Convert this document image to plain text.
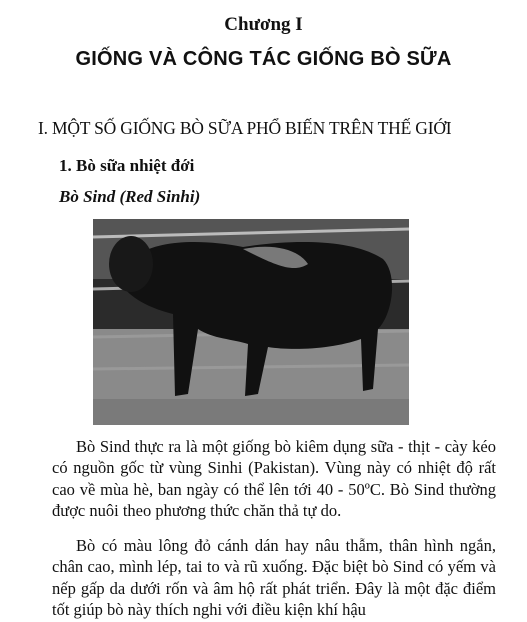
Chương I
GIỐNG VÀ CÔNG TÁC GIỐNG BÒ SỮA
I. MỘT SỐ GIỐNG BÒ SỮA PHỔ BIẾN TRÊN THẾ GIỚI
1. Bò sữa nhiệt đới
Bò Sind (Red Sinhi)

Bò Sind thực ra là một giống bò kiêm dụng sữa - thịt - cày kéo có nguồn gốc từ vùng Sinhi (Pakistan). Vùng này có nhiệt độ rất cao về mùa hè, ban ngày có thể lên tới 40 - 50ºC. Bò Sind thường được nuôi theo phương thức chăn thả tự do.

Bò có màu lông đỏ cánh dán hay nâu thẫm, thân hình ngắn, chân cao, mình lép, tai to và rũ xuống. Đặc biệt bò Sind có yếm và nếp gấp da dưới rốn và âm hộ rất phát triển. Đây là một đặc điểm tốt giúp bò này thích nghi với điều kiện khí hậu
